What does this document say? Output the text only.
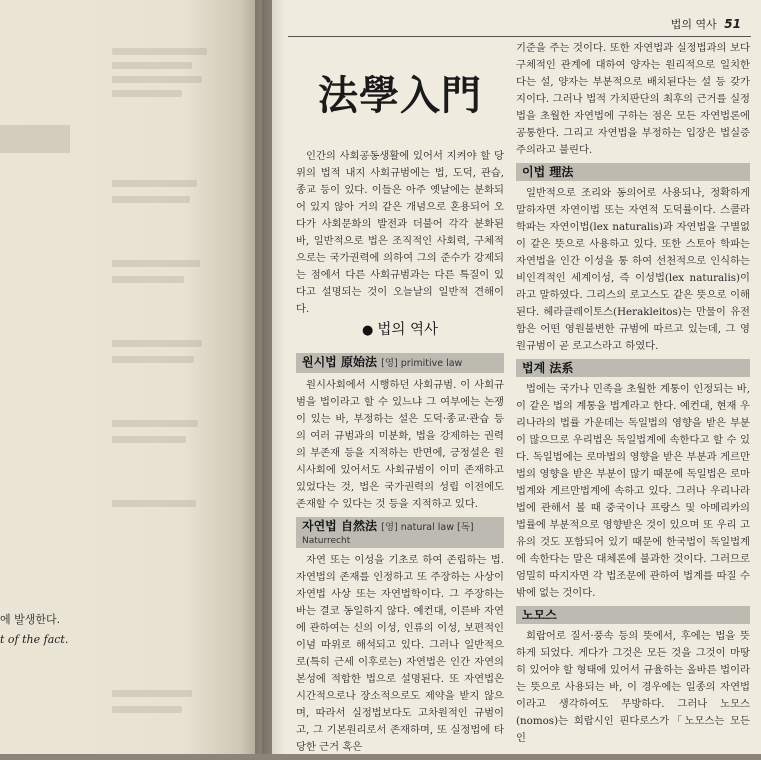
에 발생한다.
t of the fact.
법의 역사 51
法學入門

인간의 사회공동생활에 있어서 지켜야 할 당위의 법적 내지 사회규범에는 법, 도덕, 관습, 종교 등이 있다. 이들은 아주 옛날에는 분화되어 있지 않아 거의 같은 개념으로 혼용되어 오다가 사회문화의 발전과 더불어 각각 분화된 바, 일반적으로 법은 조직적인 사회력, 구체적으로는 국가권력에 의하여 그의 준수가 강제되는 점에서 다른 사회규범과는 다른 특질이 있다고 설명되는 것이 오늘날의 일반적 견해이다.

● 법의 역사
원시법 原始法 [영] primitive law

원시사회에서 시행하던 사회규범. 이 사회규범을 법이라고 할 수 있느냐 그 여부에는 논쟁이 있는 바, 부정하는 설은 도덕·종교·관습 등의 여러 규범과의 미분화, 법을 강제하는 권력의 부존재 등을 지적하는 반면에, 긍정설은 원시사회에 있어서도 사회규범이 이미 존재하고 있었다는 것, 법은 국가권력의 성립 이전에도 존재할 수 있다는 것 등을 지적하고 있다.

자연법 自然法 [영] natural law [독]
Naturrecht

자연 또는 이성을 기초로 하여 존립하는 법. 자연법의 존재를 인정하고 또 주장하는 사상이 자연법 사상 또는 자연법학이다. 그 주장하는 바는 결코 동일하지 않다. 예컨대, 이른바 자연에 관하여는 신의 이성, 인류의 이성, 보편적인 이념 따위로 해석되고 있다. 그러나 일반적으로(특히 근세 이후로는) 자연법은 인간 자연의 본성에 적합한 법으로 설명된다. 또 자연법은 시간적으로나 장소적으로도 제약을 받지 않으며, 따라서 실정법보다도 고차원적인 규범이고, 그 기본원리로서 존재하며, 또 실정법에 타당한 근거 혹은

기준을 주는 것이다. 또한 자연법과 실정법과의 보다 구체적인 관계에 대하여 양자는 원리적으로 일치한다는 설, 양자는 부분적으로 배치된다는 설 등 갖가지이다. 그러나 법적 가치판단의 최후의 근거를 실정법을 초월한 자연법에 구하는 점은 모든 자연법론에 공통한다. 그리고 자연법을 부정하는 입장은 법실증주의라고 불린다.

이법 理法

일반적으로 조리와 동의어로 사용되나, 정확하게 말하자면 자연이법 또는 자연적 도덕률이다. 스콜라 학파는 자연이법(lex naturalis)과 자연법을 구별없이 같은 뜻으로 사용하고 있다. 또한 스토아 학파는 자연법을 인간 이성을 통 하여 선천적으로 인식하는 비인격적인 세계이성, 즉 이성법(lex naturalis)이라고 말하였다. 그리스의 로고스도 같은 뜻으로 이해된다. 헤라클레이토스(Herakleitos)는 만물이 유전함은 어떤 영원불변한 규범에 따르고 있는데, 그 영원규범이 곧 로고스라고 하였다.

법계 法系

법에는 국가나 민족을 초월한 계통이 인정되는 바, 이 같은 법의 계통을 법계라고 한다. 예컨대, 현재 우리나라의 법률 가운데는 독일법의 영향을 받은 부분이 많으므로 우리법은 독일법계에 속한다고 할 수 있다. 독일법에는 로마법의 영향을 받은 부분과 게르만법의 영향을 받은 부분이 많기 때문에 독일법은 로마법계와 게르만법계에 속하고 있다. 그러나 우리나라법에 관해서 볼 때 중국이나 프랑스 및 아메리카의 법률에 부분적으로 영향받은 것이 있으며 또 우리 고유의 것도 포함되어 있기 때문에 한국법이 독일법계에 속한다는 말은 대체론에 불과한 것이다. 그러므로 엄밀히 따지자면 각 법조문에 관하여 법계를 따질 수 밖에 없는 것이다.

노모스

희랍어로 질서·풍속 등의 뜻에서, 후에는 법을 뜻하게 되었다. 게다가 그것은 모든 것을 그것이 마땅히 있어야 할 형태에 있어서 규율하는 올바른 법이라는 뜻으로 사용되는 바, 이 경우에는 일종의 자연법이라고 생각하여도 무방하다. 그러나 노모스(nomos)는 희랍시인 핀다로스가「노모스는 모든 인
